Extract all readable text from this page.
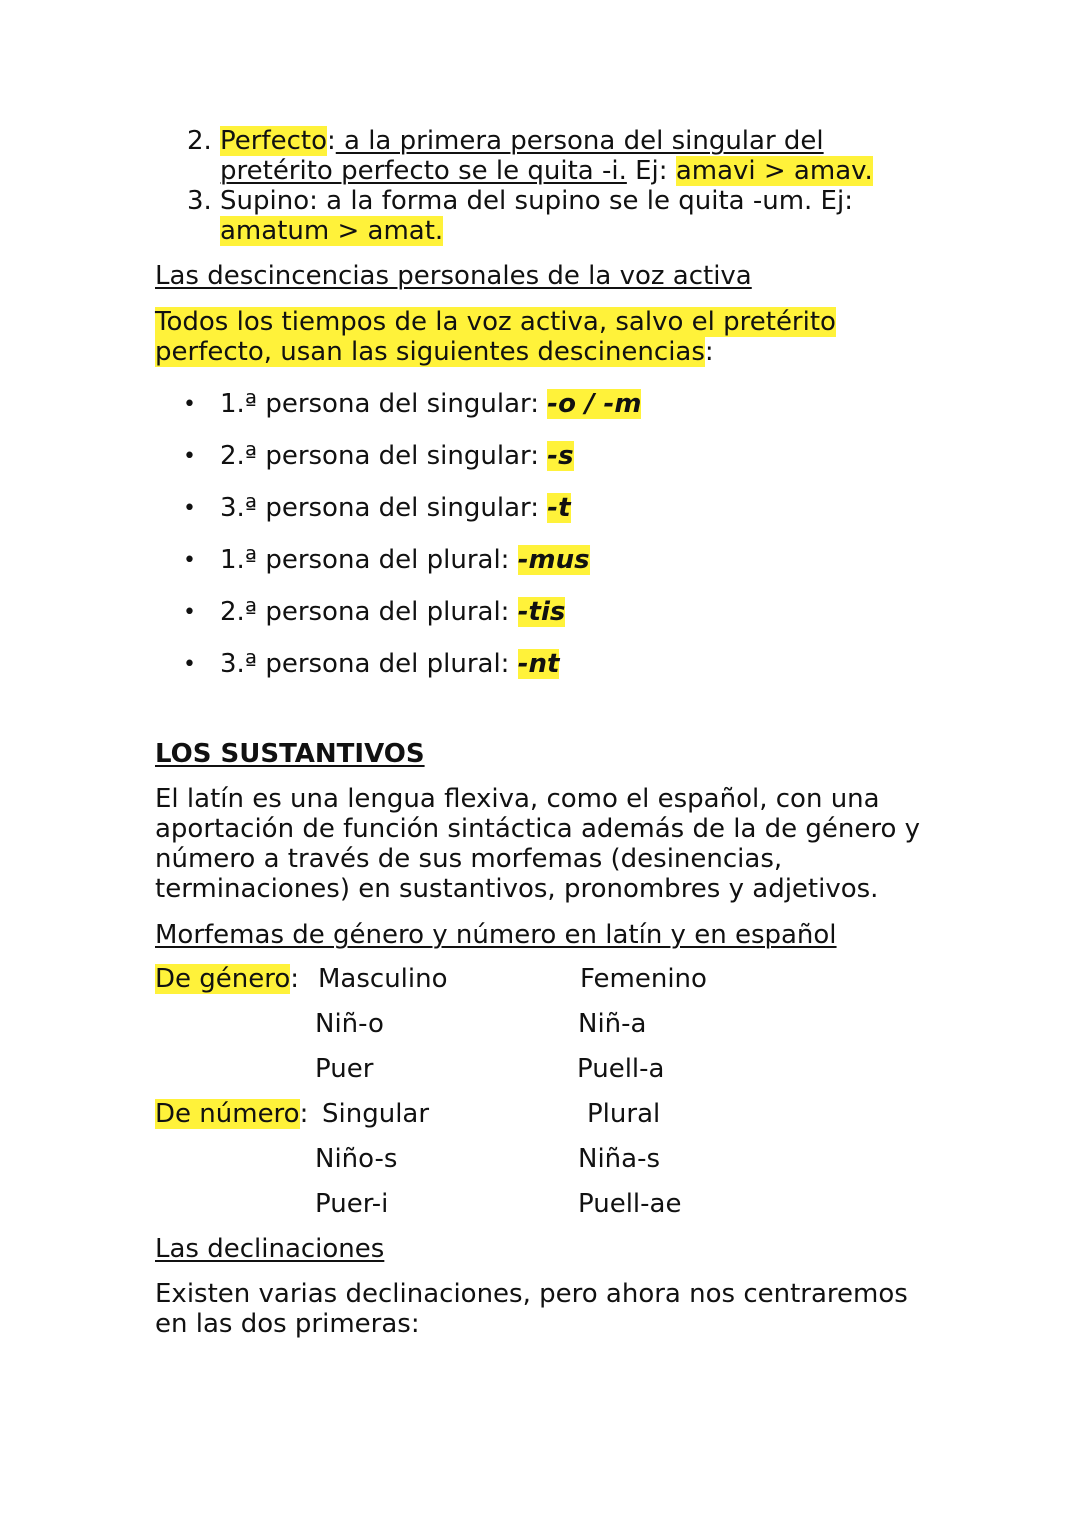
2. Perfecto: a la primera persona del singular del pretérito perfecto se le quita -i. Ej: amavi > amav.
3. Supino: a la forma del supino se le quita -um. Ej:
amatum > amat.
Las descincencias personales de la voz activa
Todos los tiempos de la voz activa, salvo el pretérito perfecto, usan las siguientes descinencias:
• 1.ª persona del singular: -o / -m
• 2.ª persona del singular: -s
• 3.ª persona del singular: -t
• 1.ª persona del plural: -mus
• 2.ª persona del plural: -tis
• 3.ª persona del plural: -nt
LOS SUSTANTIVOS
El latín es una lengua flexiva, como el español, con una aportación de función sintáctica además de la de género y número a través de sus morfemas (desinencias, terminaciones) en sustantivos, pronombres y adjetivos.
Morfemas de género y número en latín y en español
De género: Masculino	Femenino
Niñ-o	Niñ-a
Puer	Puell-a
De número: Singular	Plural
Niño-s	Niña-s
Puer-i	Puell-ae
Las declinaciones
Existen varias declinaciones, pero ahora nos centraremos en las dos primeras:
